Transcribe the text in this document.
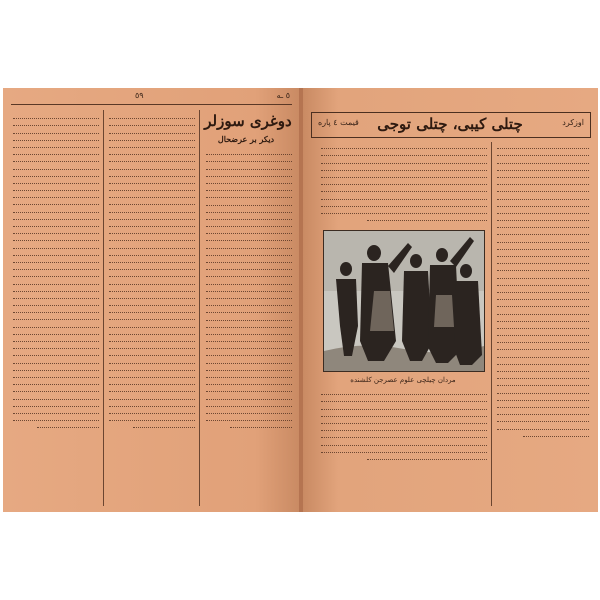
٥ ـه
٥٩
دوغری سوزلر
دیکر بر عرضحال
قیمت ٤ پاره	چتلی کیبی، چتلی توجی	اوزکرد
مردان چیلچی علوم عصرجن کلشنده
